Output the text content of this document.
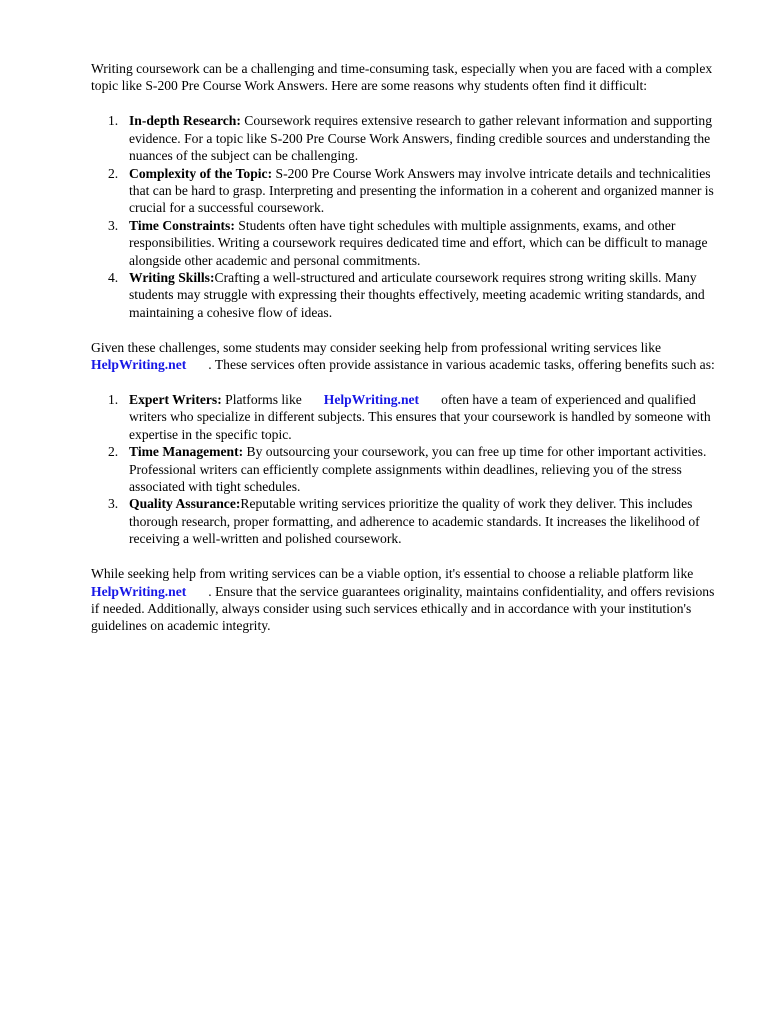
Writing coursework can be a challenging and time-consuming task, especially when you are faced with a complex topic like S-200 Pre Course Work Answers. Here are some reasons why students often find it difficult:

1. In-depth Research: Coursework requires extensive research to gather relevant information and supporting evidence. For a topic like S-200 Pre Course Work Answers, finding credible sources and understanding the nuances of the subject can be challenging.
2. Complexity of the Topic: S-200 Pre Course Work Answers may involve intricate details and technicalities that can be hard to grasp. Interpreting and presenting the information in a coherent and organized manner is crucial for a successful coursework.
3. Time Constraints: Students often have tight schedules with multiple assignments, exams, and other responsibilities. Writing a coursework requires dedicated time and effort, which can be difficult to manage alongside other academic and personal commitments.
4. Writing Skills:Crafting a well-structured and articulate coursework requires strong writing skills. Many students may struggle with expressing their thoughts effectively, meeting academic writing standards, and maintaining a cohesive flow of ideas.

Given these challenges, some students may consider seeking help from professional writing services likeHelpWriting.net . These services often provide assistance in various academic tasks, offering benefits such as:

1. Expert Writers: Platforms like HelpWriting.net often have a team of experienced and qualified writers who specialize in different subjects. This ensures that your coursework is handled by someone with expertise in the specific topic.
2. Time Management: By outsourcing your coursework, you can free up time for other important activities. Professional writers can efficiently complete assignments within deadlines, relieving you of the stress associated with tight schedules.
3. Quality Assurance:Reputable writing services prioritize the quality of work they deliver. This includes thorough research, proper formatting, and adherence to academic standards. It increases the likelihood of receiving a well-written and polished coursework.

While seeking help from writing services can be a viable option, it's essential to choose a reliable platform likeHelpWriting.net . Ensure that the service guarantees originality, maintains confidentiality, and offers revisions if needed. Additionally, always consider using such services ethically and in accordance with your institution's guidelines on academic integrity.
